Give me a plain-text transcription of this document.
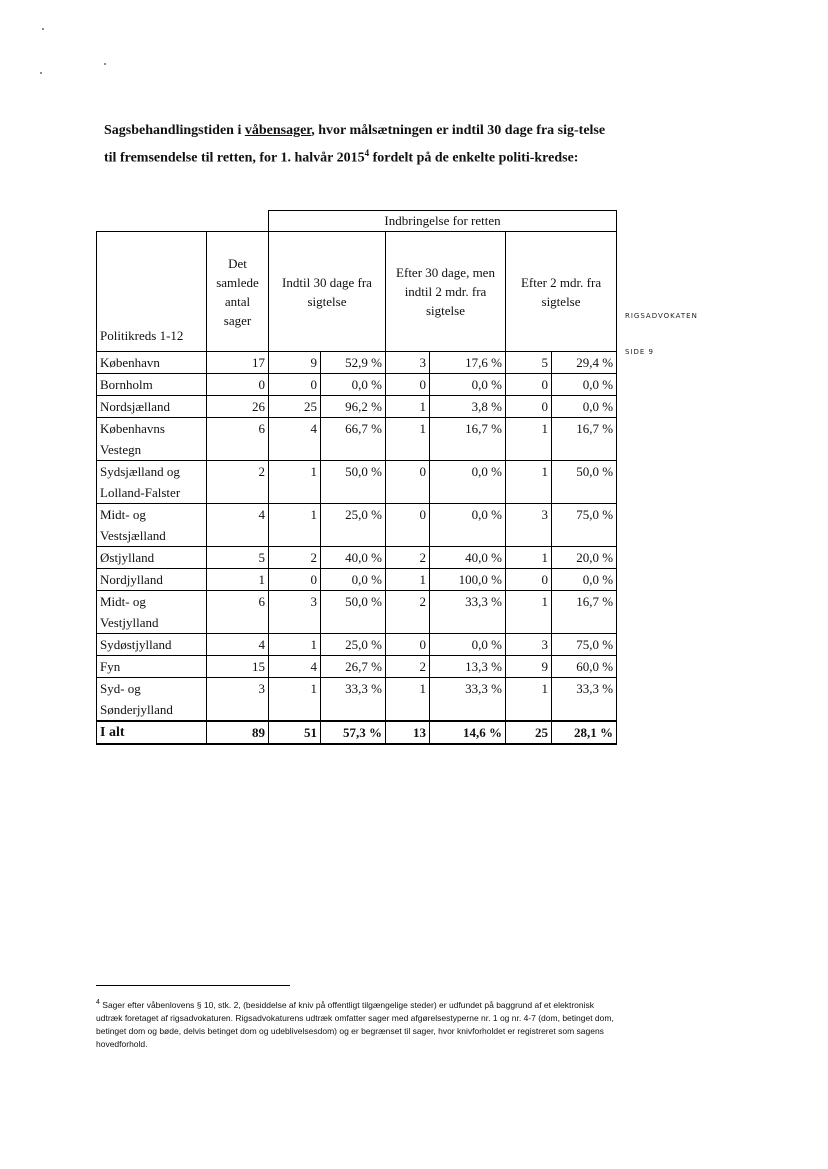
Sagsbehandlingstiden i våbensager, hvor målsætningen er indtil 30 dage fra sig-telse til fremsendelse til retten, for 1. halvår 2015$^4$ fordelt på de enkelte politi-kredse:
RIGSADVOKATEN
SIDE 9
		Indbringelse for retten					
Politikreds 1-12	Det samlede antal sager	Indtil 30 dage fra sigtelse		Efter 30 dage, men indtil 2 mdr. fra sigtelse		Efter 2 mdr. fra sigtelse	
København	17	9	52,9 %	3	17,6 %	5	29,4 %
Bornholm	0	0	0,0 %	0	0,0 %	0	0,0 %
Nordsjælland	26	25	96,2 %	1	3,8 %	0	0,0 %
Københavns Vestegn	6	4	66,7 %	1	16,7 %	1	16,7 %
Sydsjælland og Lolland-Falster	2	1	50,0 %	0	0,0 %	1	50,0 %
Midt- og Vestsjælland	4	1	25,0 %	0	0,0 %	3	75,0 %
Østjylland	5	2	40,0 %	2	40,0 %	1	20,0 %
Nordjylland	1	0	0,0 %	1	100,0 %	0	0,0 %
Midt- og Vestjylland	6	3	50,0 %	2	33,3 %	1	16,7 %
Sydøstjylland	4	1	25,0 %	0	0,0 %	3	75,0 %
Fyn	15	4	26,7 %	2	13,3 %	9	60,0 %
Syd- og Sønderjylland	3	1	33,3 %	1	33,3 %	1	33,3 %
I alt	89	51	57,3 %	13	14,6 %	25	28,1 %
$^4$ Sager efter våbenlovens § 10, stk. 2, (besiddelse af kniv på offentligt tilgængelige steder) er udfundet på baggrund af et elektronisk udtræk foretaget af rigsadvokaturen. Rigsadvokaturens udtræk omfatter sager med afgørelsestyperne nr. 1 og nr. 4-7 (dom, betinget dom, betinget dom og bøde, delvis betinget dom og udeblivelsesdom) og er begrænset til sager, hvor knivforholdet er registreret som sagens hovedforhold.
